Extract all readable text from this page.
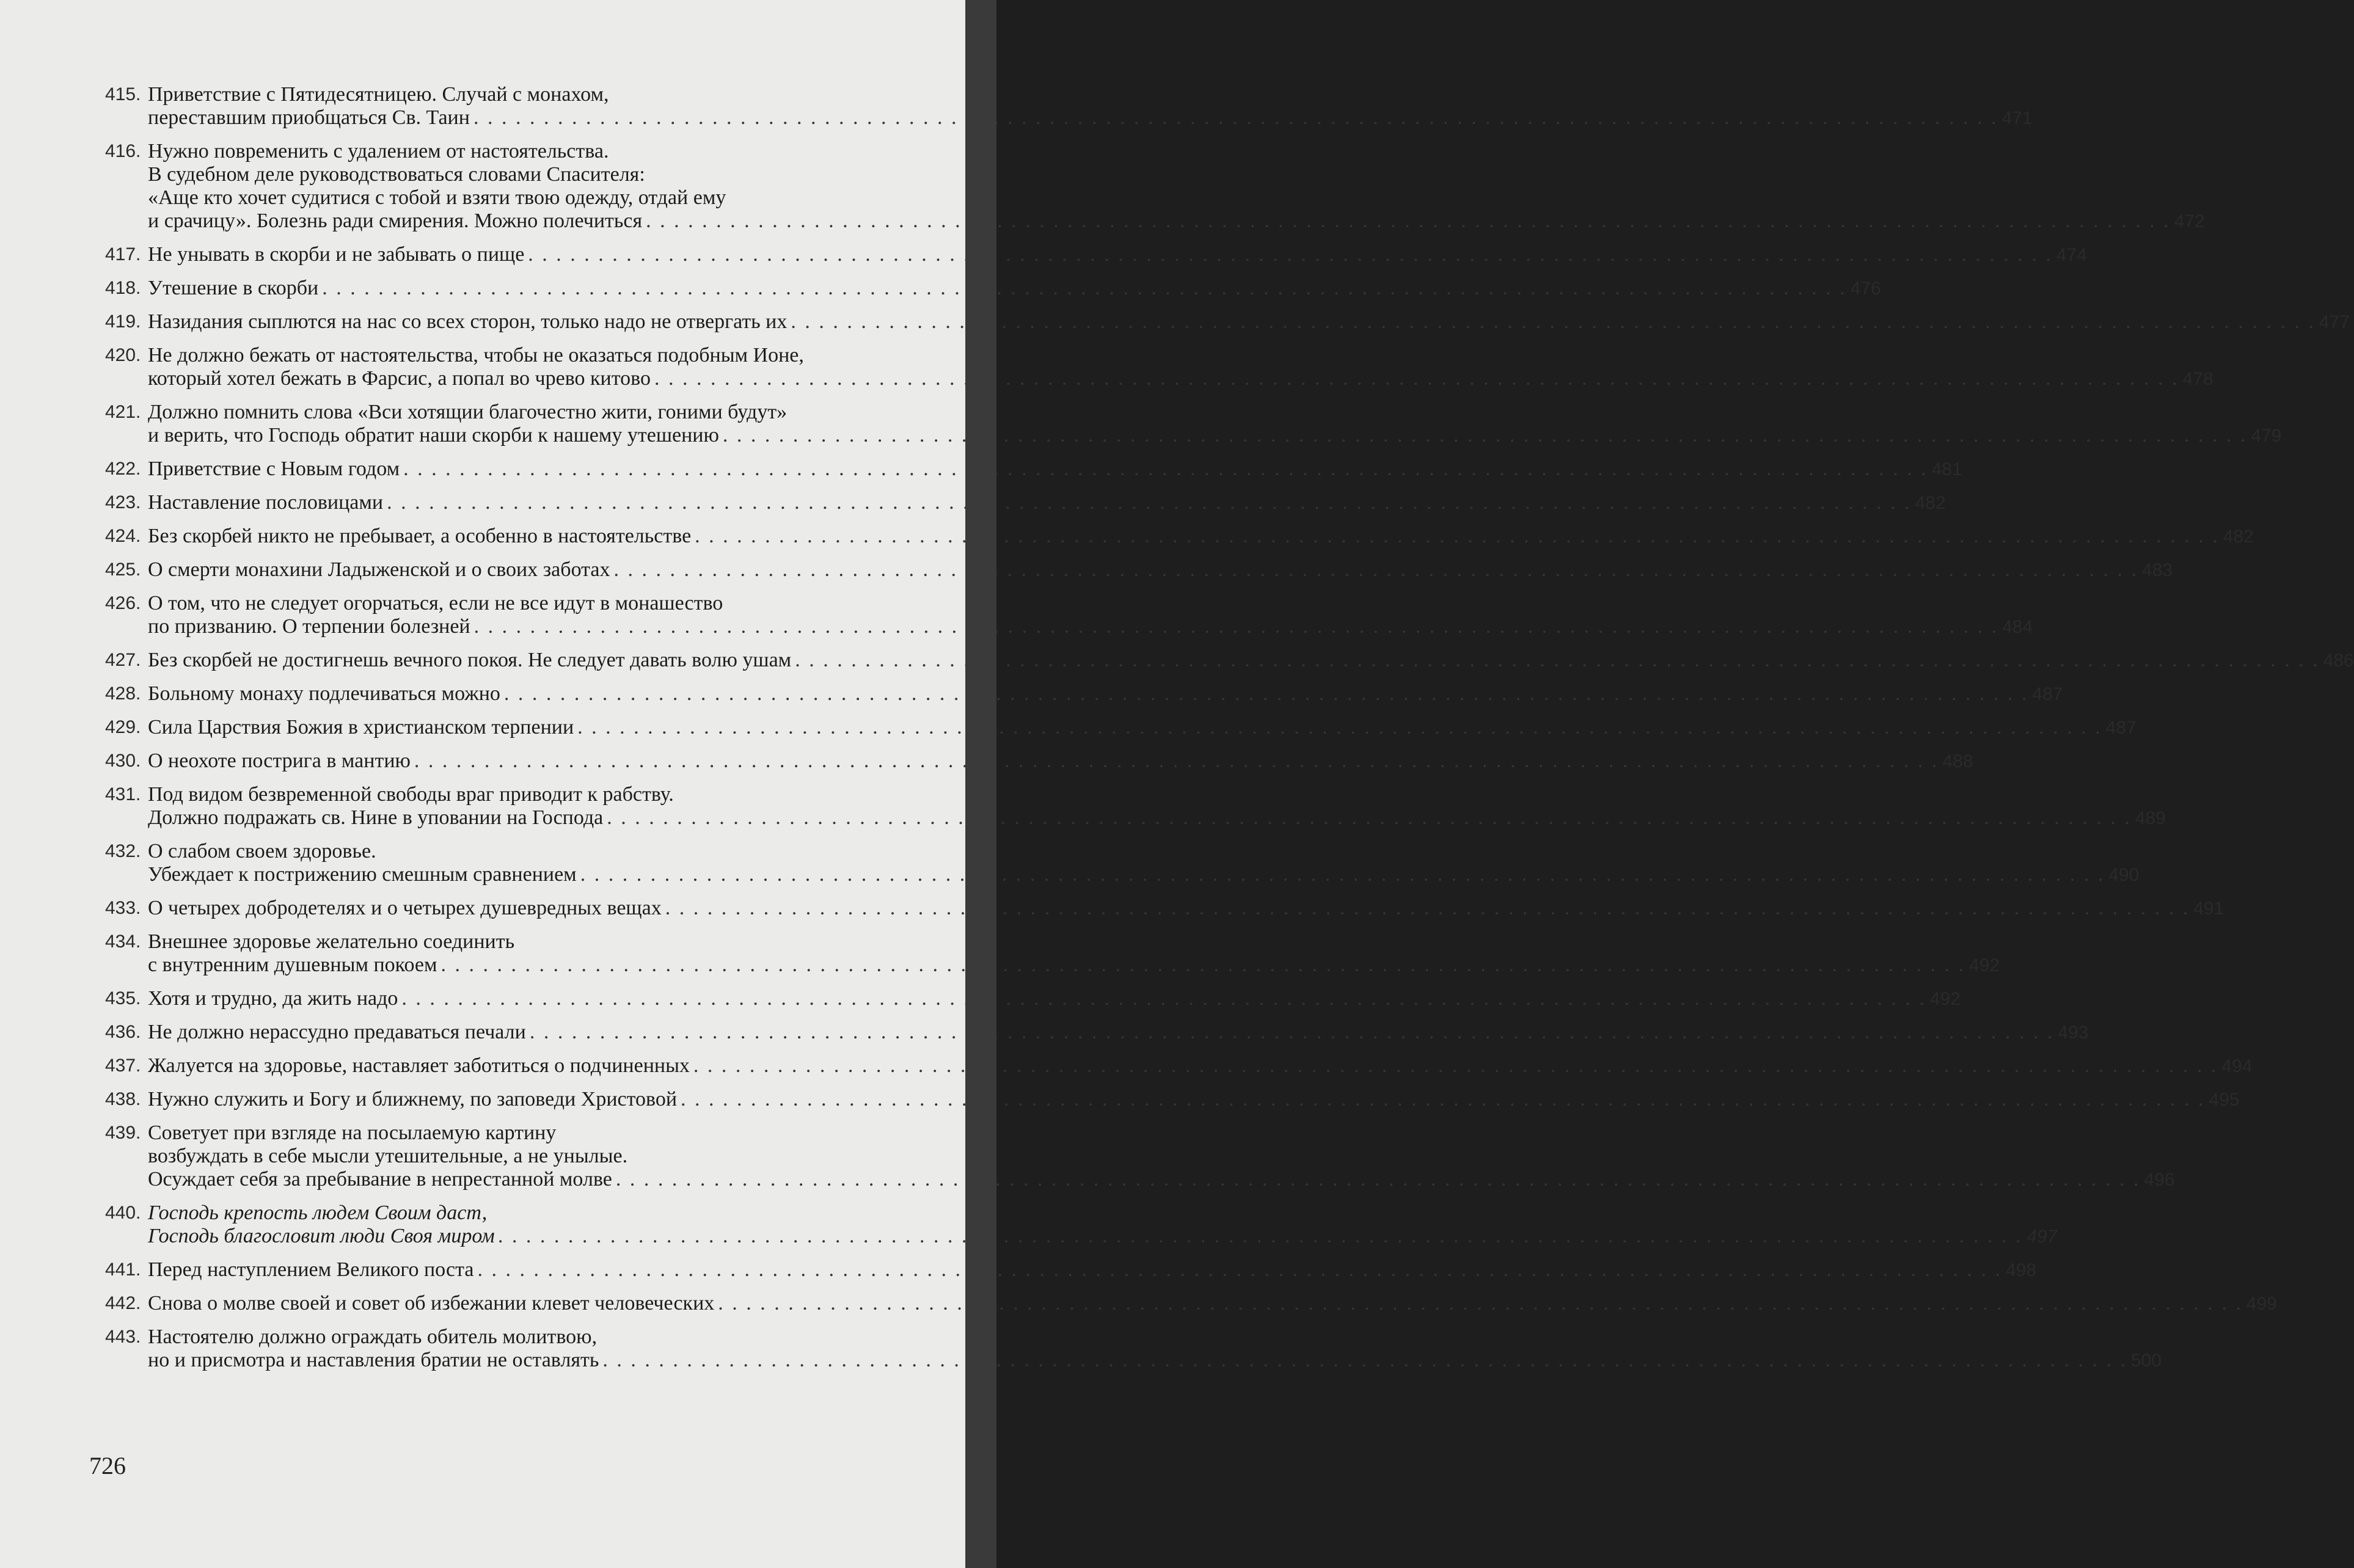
415. Приветствие с Пятидесятницею. Случай с монахом,
переставшим приобщаться Св. Таин . . .	471
416. Нужно повременить с удалением от настоятельства.
В судебном деле руководствоваться словами Спасителя:
«Аще кто хочет судитися с тобой и взяти твою одежду, отдай ему
и срачицу». Болезнь ради смирения. Можно полечиться . . .	472
417. Не унывать в скорби и не забывать о пище . . .	474
418. Утешение в скорби . . .	476
419. Назидания сыплются на нас со всех сторон, только надо не отвергать их . . .	477
420. Не должно бежать от настоятельства, чтобы не оказаться подобным Ионе,
который хотел бежать в Фарсис, а попал во чрево китово . . .	478
421. Должно помнить слова «Вси хотящии благочестно жити, гоними будут»
и верить, что Господь обратит наши скорби к нашему утешению . . .	479
422. Приветствие с Новым годом . . .	481
423. Наставление пословицами . . .	482
424. Без скорбей никто не пребывает, а особенно в настоятельстве . . .	482
425. О смерти монахини Ладыженской и о своих заботах . . .	483
426. О том, что не следует огорчаться, если не все идут в монашество
по призванию. О терпении болезней . . .	484
427. Без скорбей не достигнешь вечного покоя. Не следует давать волю ушам . . .	486
428. Больному монаху подлечиваться можно . . .	487
429. Сила Царствия Божия в христианском терпении . . .	487
430. О неохоте пострига в мантию . . .	488
431. Под видом безвременной свободы враг приводит к рабству.
Должно подражать св. Нине в уповании на Господа . . .	489
432. О слабом своем здоровье.
Убеждает к пострижению смешным сравнением . . .	490
433. О четырех добродетелях и о четырех душевредных вещах . . .	491
434. Внешнее здоровье желательно соединить
с внутренним душевным покоем . . .	492
435. Хотя и трудно, да жить надо . . .	492
436. Не должно нерассудно предаваться печали . . .	493
437. Жалуется на здоровье, наставляет заботиться о подчиненных . . .	494
438. Нужно служить и Богу и ближнему, по заповеди Христовой . . .	495
439. Советует при взгляде на посылаемую картину
возбуждать в себе мысли утешительные, а не унылые.
Осуждает себя за пребывание в непрестанной молве . . .	496
440. Господь крепость людем Своим даст,
Господь благословит люди Своя миром . . .	497
441. Перед наступлением Великого поста . . .	498
442. Снова о молве своей и совет об избежании клевет человеческих . . .	499
443. Настоятелю должно ограждать обитель молитвою,
но и присмотра и наставления братии не оставлять . . .	500
726
